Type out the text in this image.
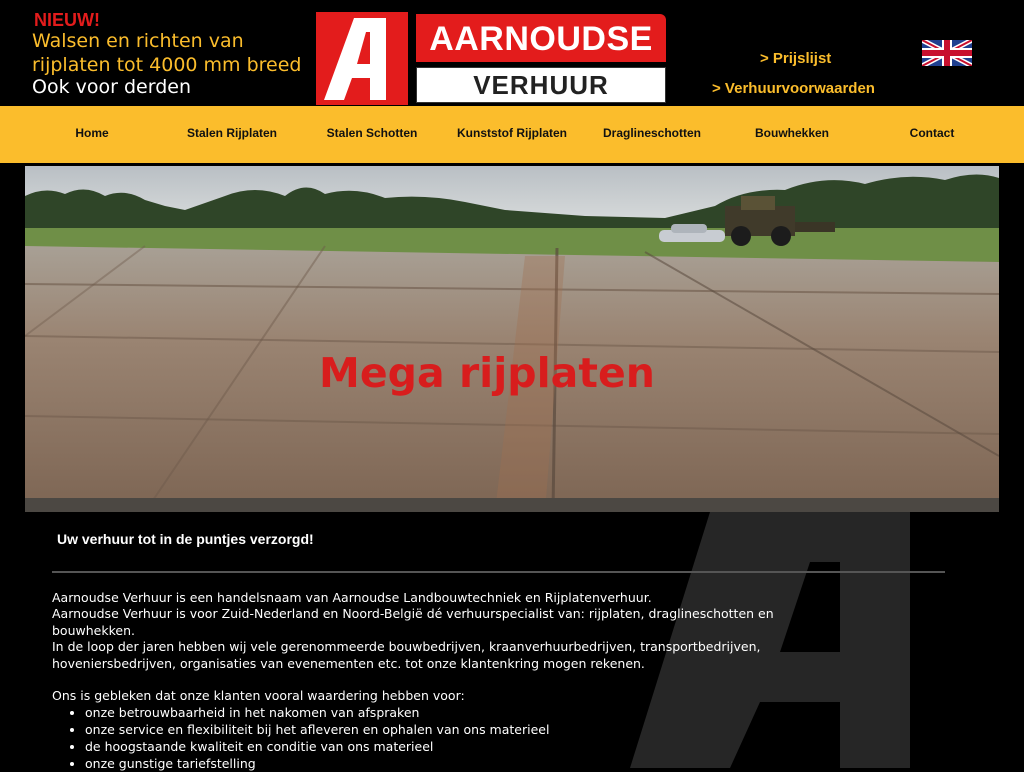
NIEUW!
Walsen en richten van
rijplaten tot 4000 mm breed
Ook voor derden
AARNOUDSE
VERHUUR
> Prijslijst
> Verhuurvoorwaarden
Home	Stalen Rijplaten	Stalen Schotten	Kunststof Rijplaten	Draglineschotten	Bouwhekken	Contact
Mega rijplaten
Uw verhuur tot in de puntjes verzorgd!

Aarnoudse Verhuur is een handelsnaam van Aarnoudse Landbouwtechniek en Rijplatenverhuur.

Aarnoudse Verhuur is voor Zuid-Nederland en Noord-België dé verhuurspecialist van: rijplaten, draglineschotten en bouwhekken.

In de loop der jaren hebben wij vele gerenommeerde bouwbedrijven, kraanverhuurbedrijven, transportbedrijven, hoveniersbedrijven, organisaties van evenementen etc. tot onze klantenkring mogen rekenen.

Ons is gebleken dat onze klanten vooral waardering hebben voor:

• onze betrouwbaarheid in het nakomen van afspraken
• onze service en flexibiliteit bij het afleveren en ophalen van ons materieel
• de hoogstaande kwaliteit en conditie van ons materieel
• onze gunstige tariefstelling
